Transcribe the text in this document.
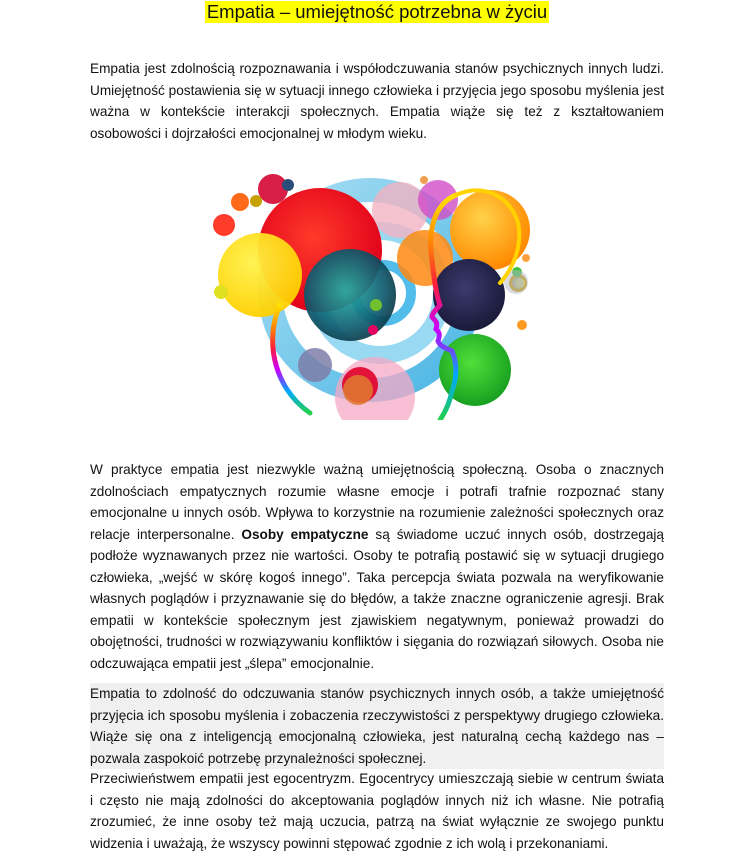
Empatia – umiejętność potrzebna w życiu

Empatia jest zdolnością rozpoznawania i współodczuwania stanów psychicznych innych ludzi. Umiejętność postawienia się w sytuacji innego człowieka i przyjęcia jego sposobu myślenia jest ważna w kontekście interakcji społecznych. Empatia wiąże się też z kształtowaniem osobowości i dojrzałości emocjonalnej w młodym wieku.

W praktyce empatia jest niezwykle ważną umiejętnością społeczną. Osoba o znacznych zdolnościach empatycznych rozumie własne emocje i potrafi trafnie rozpoznać stany emocjonalne u innych osób. Wpływa to korzystnie na rozumienie zależności społecznych oraz relacje interpersonalne. Osoby empatyczne są świadome uczuć innych osób, dostrzegają podłoże wyznawanych przez nie wartości. Osoby te potrafią postawić się w sytuacji drugiego człowieka, „wejść w skórę kogoś innego”. Taka percepcja świata pozwala na weryfikowanie własnych poglądów i przyznawanie się do błędów, a także znaczne ograniczenie agresji. Brak empatii w kontekście społecznym jest zjawiskiem negatywnym, ponieważ prowadzi do obojętności, trudności w rozwiązywaniu konfliktów i sięgania do rozwiązań siłowych. Osoba nie odczuwająca empatii jest „ślepa” emocjonalnie.

Empatia to zdolność do odczuwania stanów psychicznych innych osób, a także umiejętność przyjęcia ich sposobu myślenia i zobaczenia rzeczywistości z perspektywy drugiego człowieka. Wiąże się ona z inteligencją emocjonalną człowieka, jest naturalną cechą każdego nas – pozwala zaspokoić potrzebę przynależności społecznej.

Przeciwieństwem empatii jest egocentryzm. Egocentrycy umieszczają siebie w centrum świata i często nie mają zdolności do akceptowania poglądów innych niż ich własne. Nie potrafią zrozumieć, że inne osoby też mają uczucia, patrzą na świat wyłącznie ze swojego punktu widzenia i uważają, że wszyscy powinni stępować zgodnie z ich wolą i przekonaniami.
